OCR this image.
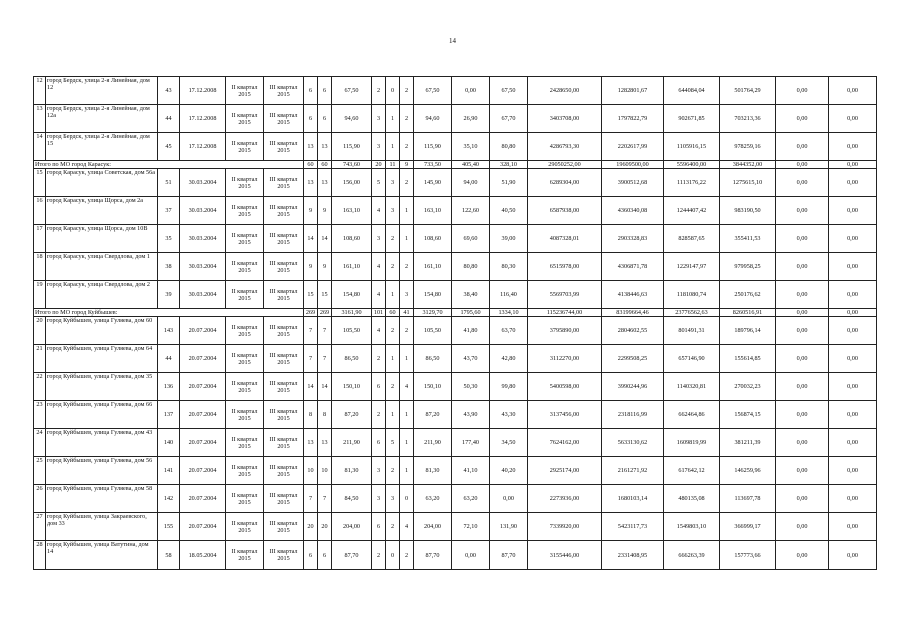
14
12	город Бердск, улица 2-я Линейная, дом 12	43	17.12.2008	II квартал 2015	III квартал 2015	6	6	67,50	2	0	2	67,50	0,00	67,50	2428650,00	1282801,67	644084,04	501764,29	0,00	0,00
13	город Бердск, улица 2-я Линейная, дом 12а	44	17.12.2008	II квартал 2015	III квартал 2015	6	6	94,60	3	1	2	94,60	26,90	67,70	3403708,00	1797822,79	902671,85	703213,36	0,00	0,00
14	город Бердск, улица 2-я Линейная, дом 15	45	17.12.2008	II квартал 2015	III квартал 2015	13	13	115,90	3	1	2	115,90	35,10	80,80	4286793,30	2202617,99	1105916,15	978259,16	0,00	0,00
Итого по МО город Карасук:						60	60	743,60	20	11	9	733,50	405,40	328,10	29050252,00	19609500,00	5596400,00	3844352,00	0,00	0,00
15	город Карасук, улица Советская, дом 56а	51	30.03.2004	II квартал 2015	III квартал 2015	13	13	156,00	5	3	2	145,90	94,00	51,90	6289304,00	3900512,68	1113176,22	1275615,10	0,00	0,00
16	город Карасук, улица Щорса, дом 2а	37	30.03.2004	II квартал 2015	III квартал 2015	9	9	163,10	4	3	1	163,10	122,60	40,50	6587938,00	4360340,08	1244407,42	983190,50	0,00	0,00
17	город Карасук, улица Щорса, дом 10В	35	30.03.2004	II квартал 2015	III квартал 2015	14	14	108,60	3	2	1	108,60	69,60	39,00	4087328,01	2903328,83	828587,65	355411,53	0,00	0,00
18	город Карасук, улица Свердлова, дом 1	38	30.03.2004	II квартал 2015	III квартал 2015	9	9	161,10	4	2	2	161,10	80,80	80,30	6515978,00	4306871,78	1229147,97	979958,25	0,00	0,00
19	город Карасук, улица Свердлова, дом 2	39	30.03.2004	II квартал 2015	III квартал 2015	15	15	154,80	4	1	3	154,80	38,40	116,40	5569703,99	4138446,63	1181080,74	250176,62	0,00	0,00
Итого по МО город Куйбышев:						269	269	3161,90	101	60	41	3129,70	1795,60	1334,10	115236744,00	83199664,46	23776562,63	8260516,91	0,00	0,00
20	город Куйбышев, улица Гуляева, дом 60	143	20.07.2004	II квартал 2015	III квартал 2015	7	7	105,50	4	2	2	105,50	41,80	63,70	3795890,00	2804602,55	801491,31	189796,14	0,00	0,00
21	город Куйбышев, улица Гуляева, дом 64	44	20.07.2004	II квартал 2015	III квартал 2015	7	7	86,50	2	1	1	86,50	43,70	42,80	3112270,00	2299508,25	657146,90	155614,85	0,00	0,00
22	город Куйбышев, улица Гуляева, дом 35	136	20.07.2004	II квартал 2015	III квартал 2015	14	14	150,10	6	2	4	150,10	50,30	99,80	5400598,00	3990244,96	1140320,81	270032,23	0,00	0,00
23	город Куйбышев, улица Гуляева, дом 66	137	20.07.2004	II квартал 2015	III квартал 2015	8	8	87,20	2	1	1	87,20	43,90	43,30	3137456,00	2318116,99	662464,86	156874,15	0,00	0,00
24	город Куйбышев, улица Гуляева, дом 43	140	20.07.2004	II квартал 2015	III квартал 2015	13	13	211,90	6	5	1	211,90	177,40	34,50	7624162,00	5633130,62	1609819,99	381211,39	0,00	0,00
25	город Куйбышев, улица Гуляева, дом 56	141	20.07.2004	II квартал 2015	III квартал 2015	10	10	81,30	3	2	1	81,30	41,10	40,20	2925174,00	2161271,92	617642,12	146259,96	0,00	0,00
26	город Куйбышев, улица Гуляева, дом 58	142	20.07.2004	II квартал 2015	III квартал 2015	7	7	84,50	3	3	0	63,20	63,20	0,00	2273936,00	1680103,14	480135,08	113697,78	0,00	0,00
27	город Куйбышев, улица Закраевского, дом 33	155	20.07.2004	II квартал 2015	III квартал 2015	20	20	204,00	6	2	4	204,00	72,10	131,90	7339920,00	5423117,73	1549803,10	366999,17	0,00	0,00
28	город Куйбышев, улица Ватутина, дом 14	58	18.05.2004	II квартал 2015	III квартал 2015	6	6	87,70	2	0	2	87,70	0,00	87,70	3155446,00	2331408,95	666263,39	157773,66	0,00	0,00
